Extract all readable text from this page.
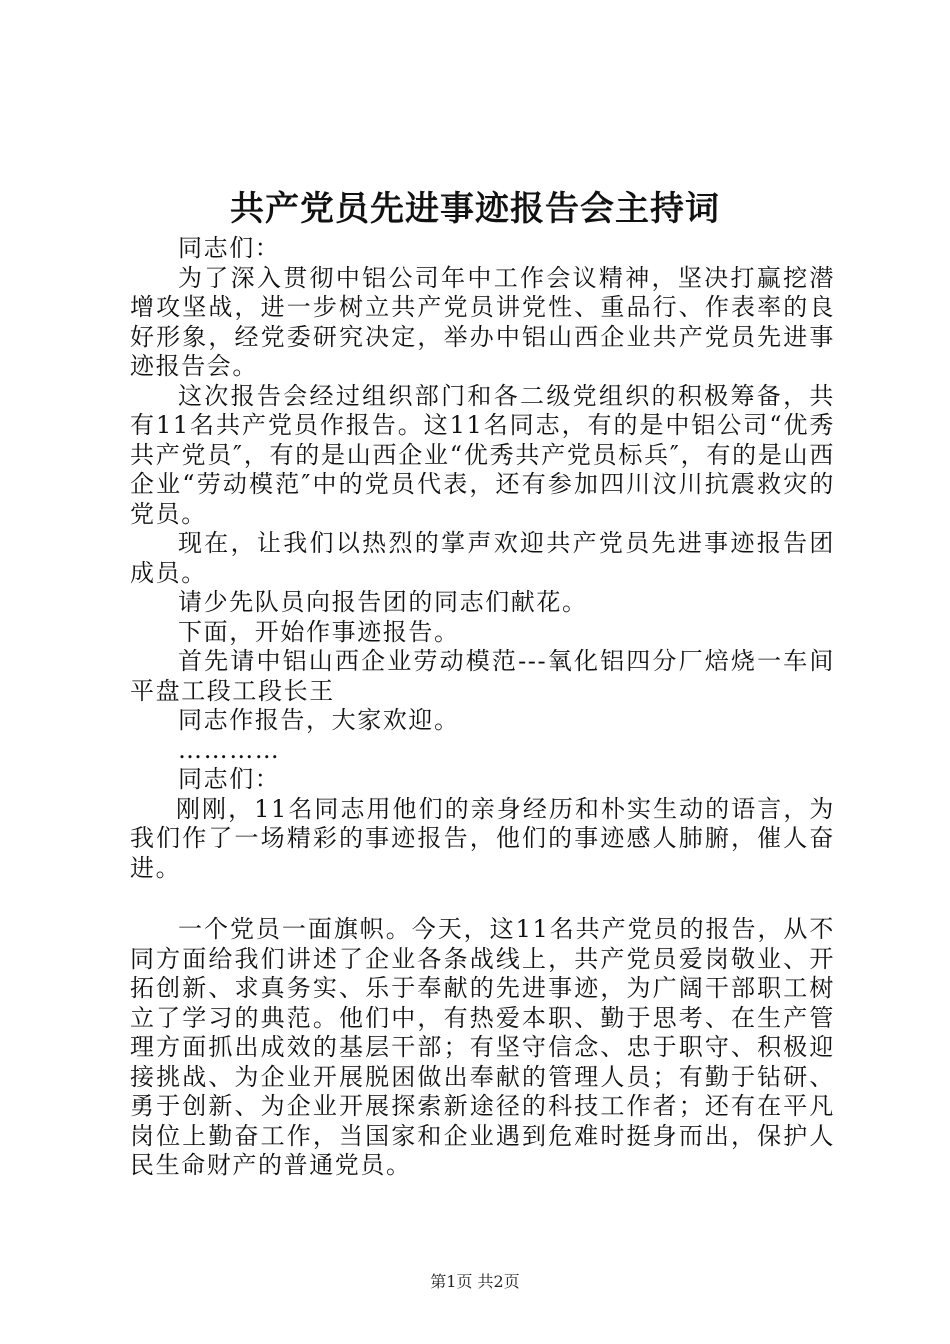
共产党员先进事迹报告会主持词

同志们：

为了深入贯彻中铝公司年中工作会议精神，坚决打赢挖潜增攻坚战，进一步树立共产党员讲党性、重品行、作表率的良好形象，经党委研究决定，举办中铝山西企业共产党员先进事迹报告会。

这次报告会经过组织部门和各二级党组织的积极筹备，共有11名共产党员作报告。这11名同志，有的是中铝公司“优秀共产党员″，有的是山西企业“优秀共产党员标兵″，有的是山西企业“劳动模范″中的党员代表，还有参加四川汶川抗震救灾的党员。

现在，让我们以热烈的掌声欢迎共产党员先进事迹报告团成员。

请少先队员向报告团的同志们献花。

下面，开始作事迹报告。

首先请中铝山西企业劳动模范---氧化铝四分厂焙烧一车间平盘工段工段长王

同志作报告，大家欢迎。

…………

同志们：

刚刚，11名同志用他们的亲身经历和朴实生动的语言，为我们作了一场精彩的事迹报告，他们的事迹感人肺腑，催人奋进。

一个党员一面旗帜。今天，这11名共产党员的报告，从不同方面给我们讲述了企业各条战线上，共产党员爱岗敬业、开拓创新、求真务实、乐于奉献的先进事迹，为广阔干部职工树立了学习的典范。他们中，有热爱本职、勤于思考、在生产管理方面抓出成效的基层干部；有坚守信念、忠于职守、积极迎接挑战、为企业开展脱困做出奉献的管理人员；有勤于钻研、勇于创新、为企业开展探索新途径的科技工作者；还有在平凡岗位上勤奋工作，当国家和企业遇到危难时挺身而出，保护人民生命财产的普通党员。

第1页 共2页
